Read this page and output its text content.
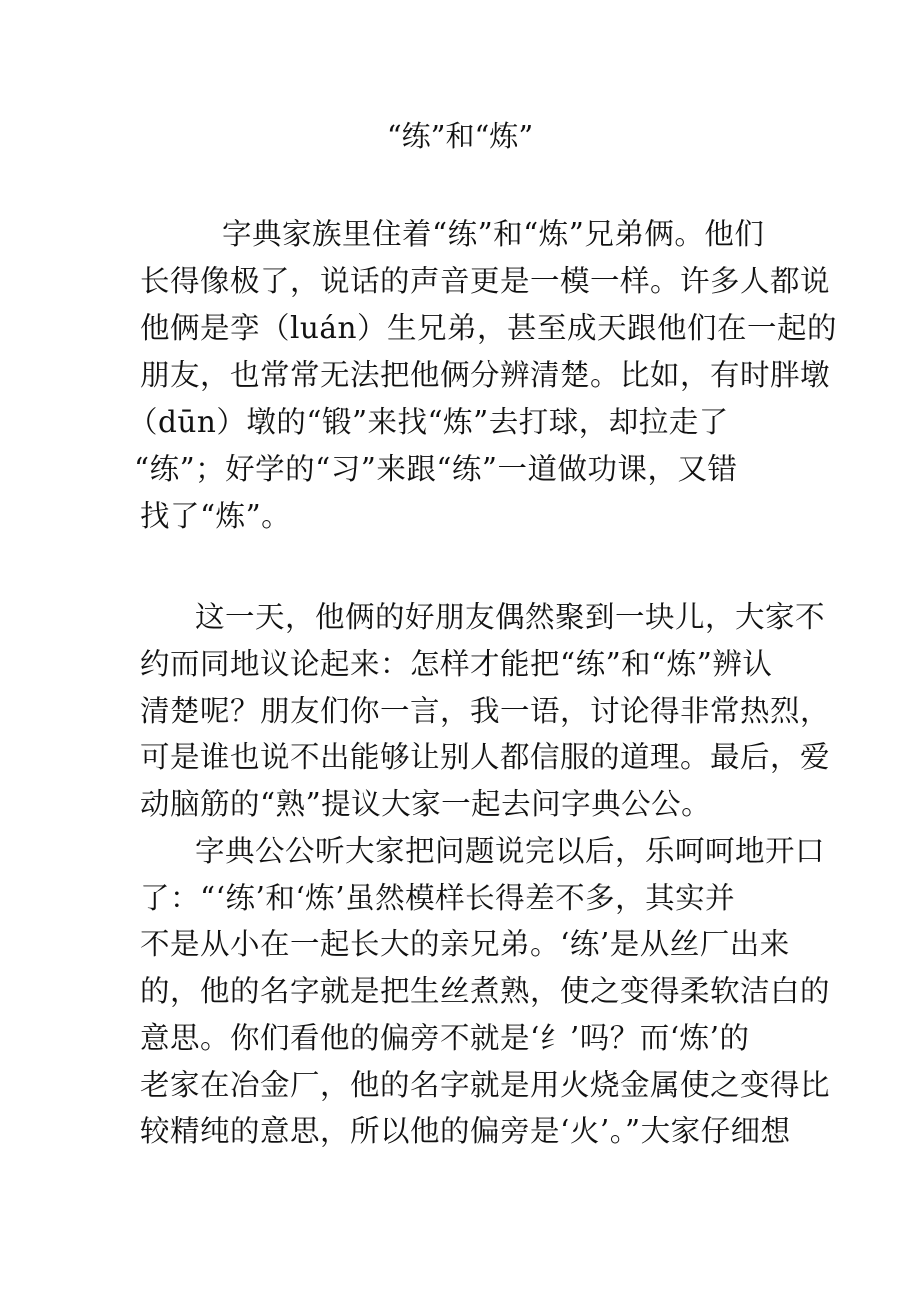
“练”和“炼”
字典家族里住着“练”和“炼”兄弟俩。他们
长得像极了，说话的声音更是一模一样。许多人都说
他俩是孪（luán）生兄弟，甚至成天跟他们在一起的
朋友，也常常无法把他俩分辨清楚。比如，有时胖墩
（dūn）墩的“锻”来找“炼”去打球，却拉走了
“练”；好学的“习”来跟“练”一道做功课，又错
找了“炼”。
这一天，他俩的好朋友偶然聚到一块儿，大家不
约而同地议论起来：怎样才能把“练”和“炼”辨认
清楚呢？朋友们你一言，我一语，讨论得非常热烈，
可是谁也说不出能够让别人都信服的道理。最后，爱
动脑筋的“熟”提议大家一起去问字典公公。
字典公公听大家把问题说完以后，乐呵呵地开口
了：“‘练’和‘炼’虽然模样长得差不多，其实并
不是从小在一起长大的亲兄弟。‘练’是从丝厂出来
的，他的名字就是把生丝煮熟，使之变得柔软洁白的
意思。你们看他的偏旁不就是‘纟’吗？而‘炼’的
老家在冶金厂，他的名字就是用火烧金属使之变得比
较精纯的意思，所以他的偏旁是‘火’。”大家仔细想
